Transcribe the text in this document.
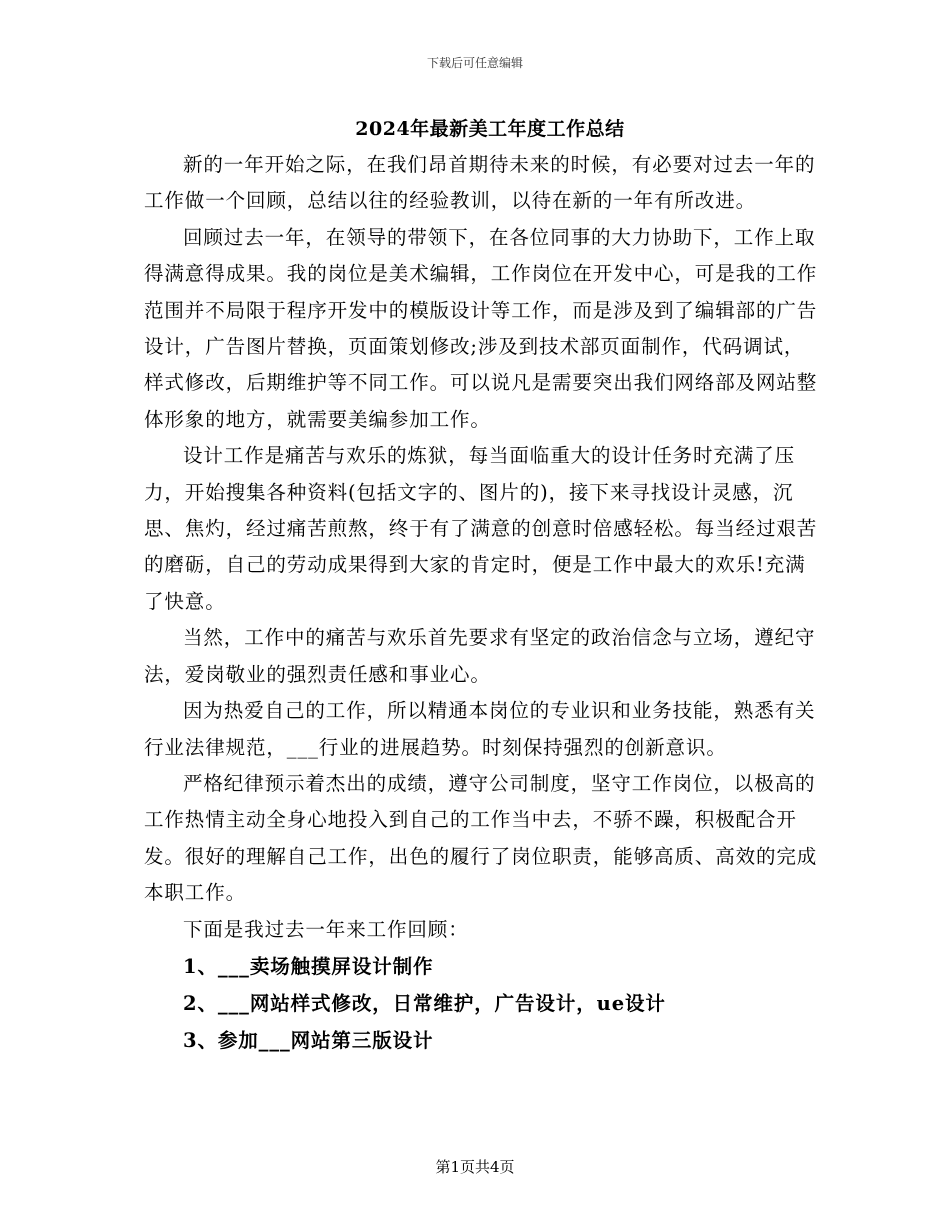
下载后可任意编辑
2024年最新美工年度工作总结

新的一年开始之际，在我们昂首期待未来的时候，有必要对过去一年的工作做一个回顾，总结以往的经验教训，以待在新的一年有所改进。

回顾过去一年，在领导的带领下，在各位同事的大力协助下，工作上取得满意得成果。我的岗位是美术编辑，工作岗位在开发中心，可是我的工作范围并不局限于程序开发中的模版设计等工作，而是涉及到了编辑部的广告设计，广告图片替换，页面策划修改;涉及到技术部页面制作，代码调试，样式修改，后期维护等不同工作。可以说凡是需要突出我们网络部及网站整体形象的地方，就需要美编参加工作。

设计工作是痛苦与欢乐的炼狱，每当面临重大的设计任务时充满了压力，开始搜集各种资料(包括文字的、图片的)，接下来寻找设计灵感，沉思、焦灼，经过痛苦煎熬，终于有了满意的创意时倍感轻松。每当经过艰苦的磨砺，自己的劳动成果得到大家的肯定时，便是工作中最大的欢乐!充满了快意。

当然，工作中的痛苦与欢乐首先要求有坚定的政治信念与立场，遵纪守法，爱岗敬业的强烈责任感和事业心。

因为热爱自己的工作，所以精通本岗位的专业识和业务技能，熟悉有关行业法律规范，___行业的进展趋势。时刻保持强烈的创新意识。

严格纪律预示着杰出的成绩，遵守公司制度，坚守工作岗位，以极高的工作热情主动全身心地投入到自己的工作当中去，不骄不躁，积极配合开发。很好的理解自己工作，出色的履行了岗位职责，能够高质、高效的完成本职工作。

下面是我过去一年来工作回顾：

1、___卖场触摸屏设计制作

2、___网站样式修改，日常维护，广告设计，ue设计

3、参加___网站第三版设计

第1页共4页
